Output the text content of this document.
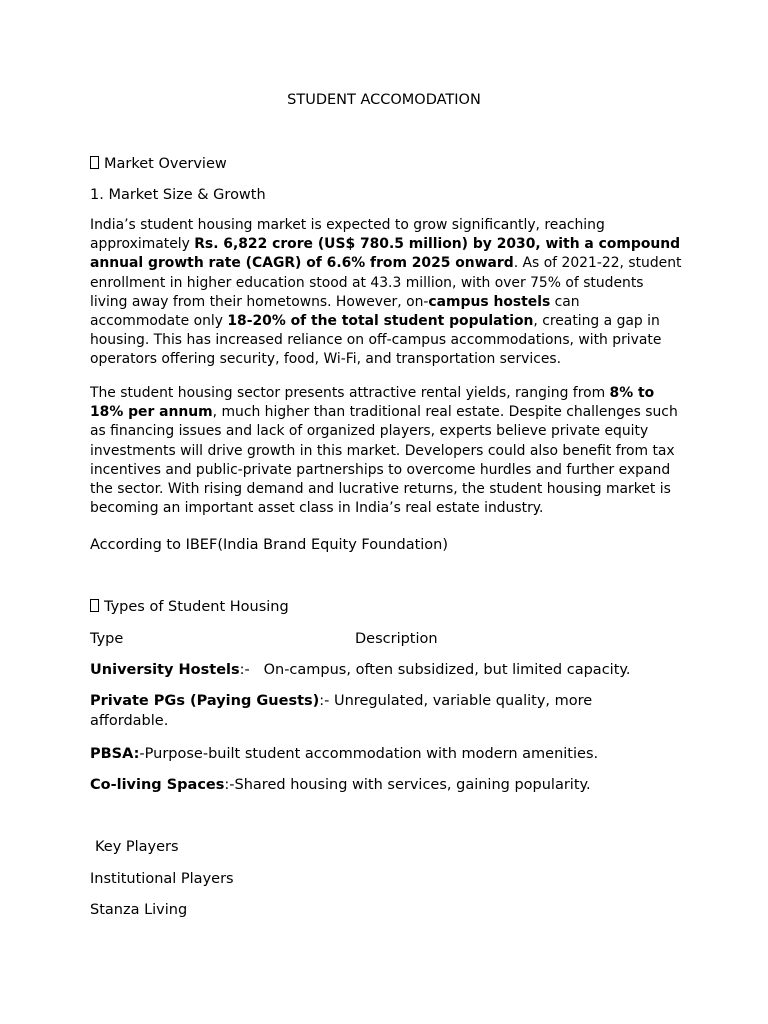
STUDENT ACCOMODATION
Market Overview
1. Market Size & Growth
India’s student housing market is expected to grow significantly, reaching approximately Rs. 6,822 crore (US$ 780.5 million) by 2030, with a compound annual growth rate (CAGR) of 6.6% from 2025 onward. As of 2021-22, student enrollment in higher education stood at 43.3 million, with over 75% of students living away from their hometowns. However, on-campus hostels can accommodate only 18-20% of the total student population, creating a gap in housing. This has increased reliance on off-campus accommodations, with private operators offering security, food, Wi-Fi, and transportation services.
The student housing sector presents attractive rental yields, ranging from 8% to 18% per annum, much higher than traditional real estate. Despite challenges such as financing issues and lack of organized players, experts believe private equity investments will drive growth in this market. Developers could also benefit from tax incentives and public-private partnerships to overcome hurdles and further expand the sector. With rising demand and lucrative returns, the student housing market is becoming an important asset class in India’s real estate industry.
According to IBEF(India Brand Equity Foundation)
Types of Student Housing
Type	Description
University Hostels:-   On-campus, often subsidized, but limited capacity.
Private PGs (Paying Guests):- Unregulated, variable quality, more affordable.
PBSA:-Purpose-built student accommodation with modern amenities.
Co-living Spaces:-Shared housing with services, gaining popularity.
Key Players
Institutional Players
Stanza Living
